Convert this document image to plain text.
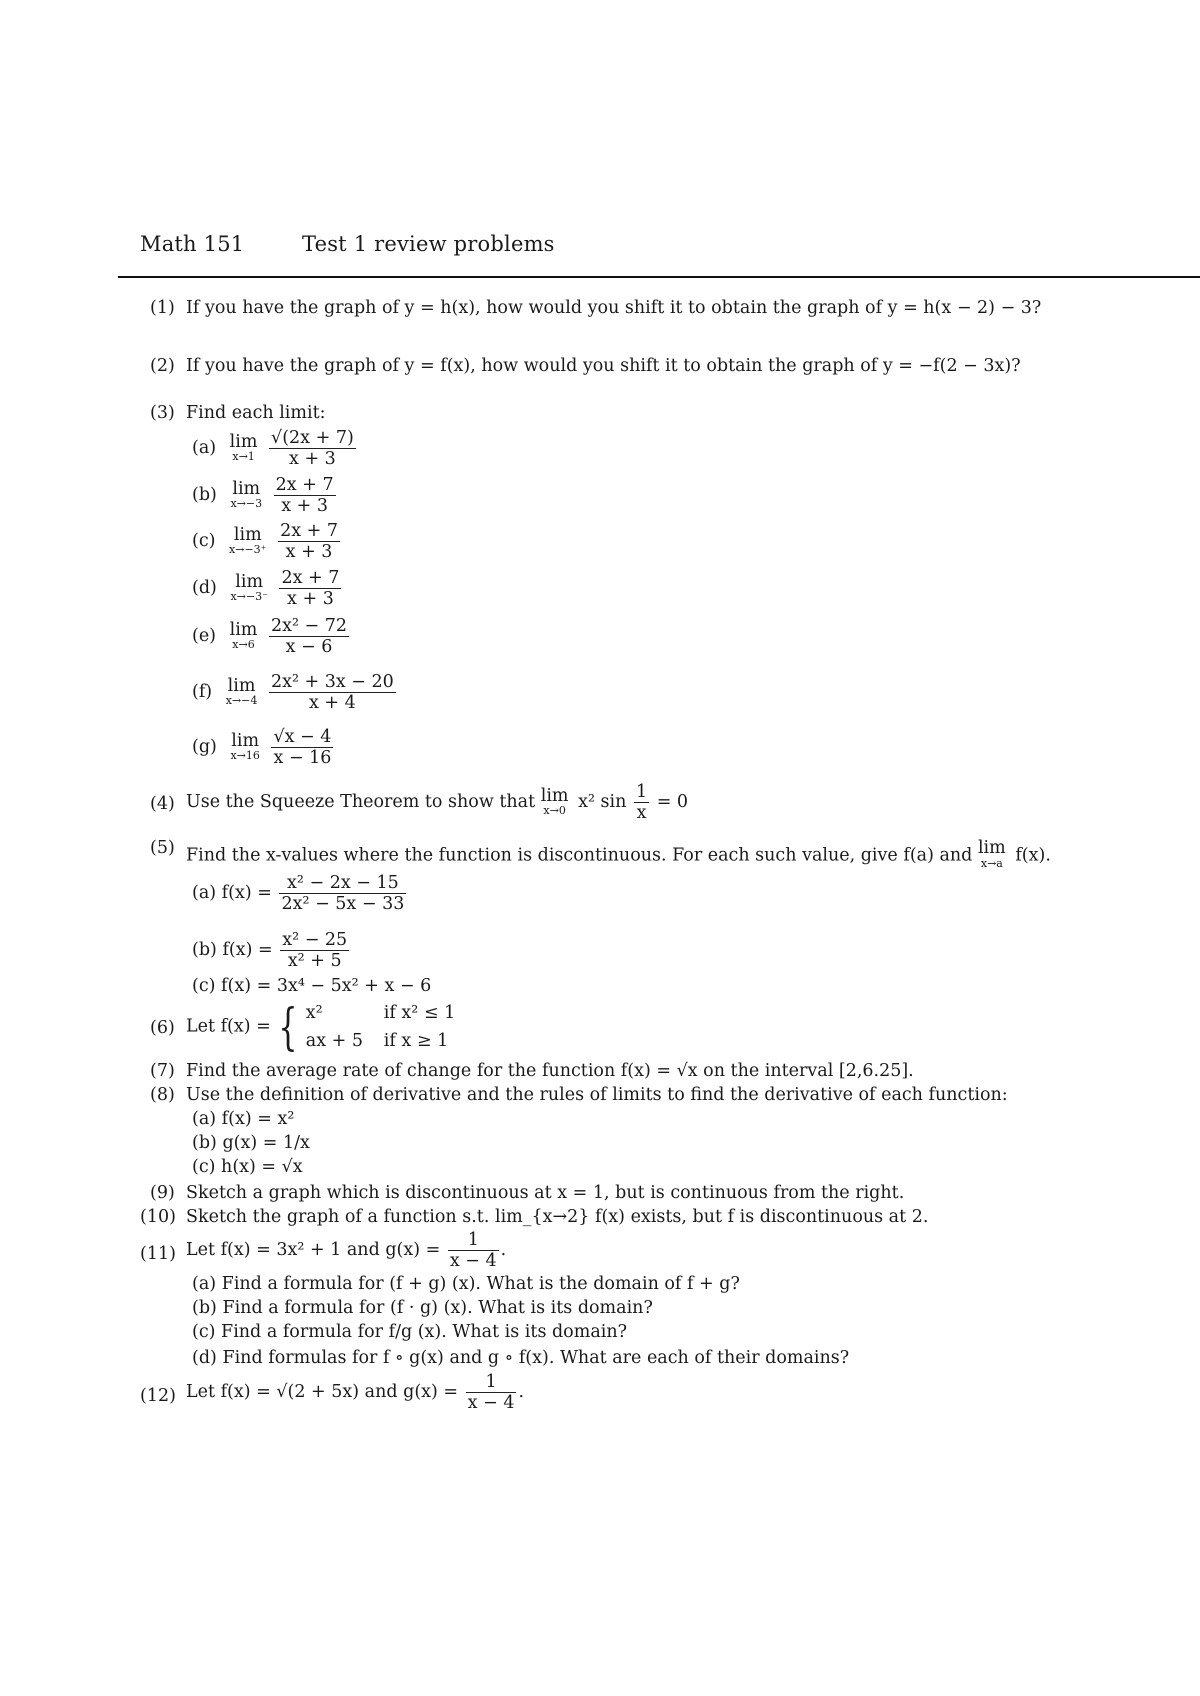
Math 151	Test 1 review problems
(1) If you have the graph of y = h(x), how would you shift it to obtain the graph of y = h(x − 2) − 3?
(2) If you have the graph of y = f(x), how would you shift it to obtain the graph of y = −f(2 − 3x)?
(3) Find each limit:
(a) lim
x→1
$\frac{√(2x + 7)}{x + 3}$
(b) lim
x→−3
$\frac{2x + 7}{x + 3}$
(c) lim
x→−3⁺
$\frac{2x + 7}{x + 3}$
(d) lim
x→−3⁻
$\frac{2x + 7}{x + 3}$
(e) lim
x→6
$\frac{\text{2x² − 72}}{x - 6}$
(f) lim
x→−4
$\frac{\text{2x² + 3x − 20}}{x + 4}$
(g) lim
x→16
$\frac{√x - 4}{x - 16}$
(4) Use the Squeeze Theorem to show that lim
x→0 x² $\sin \frac{1}{x} = 0$
(5) Find the x-values where the function is discontinuous. For each such value, give f(a) and lim
x→a f(x).
(a) $f(x) = \frac{\text{x² − 2x − 15}}{\text{2x² − 5x − 33}}$
(b) $f(x) = \frac{\text{x² − 25}}{\text{x² + 5}}$
(c) f(x) = 3x⁴ − 5x² + x − 6
(6) Let f(x) = { x²	if x² ≤ 1
ax + 5 if x ≥ 1
(7) Find the average rate of change for the function f(x) = √x on the interval [2,6.25].
(8) Use the definition of derivative and the rules of limits to find the derivative of each function:
(a) f(x) = x²
(b) g(x) = 1/x
(c) h(x) = √x
(9) Sketch a graph which is discontinuous at x = 1, but is continuous from the right.
(10) Sketch the graph of a function s.t. lim_{x→2} f(x) exists, but f is discontinuous at 2.
(11) Let f(x) = 3x² + 1 and $g(x) = \frac{1}{x - 4}$ .
(a) Find a formula for (f + g) (x). What is the domain of f + g?
(b) Find a formula for (f · g) (x). What is its domain?
(c) Find a formula for f/g (x). What is its domain?
(d) Find formulas for f ∘ g(x) and g ∘ f(x). What are each of their domains?
(12) Let f(x) = √(2 + 5x) and $g(x) = \frac{1}{x - 4}$ .
